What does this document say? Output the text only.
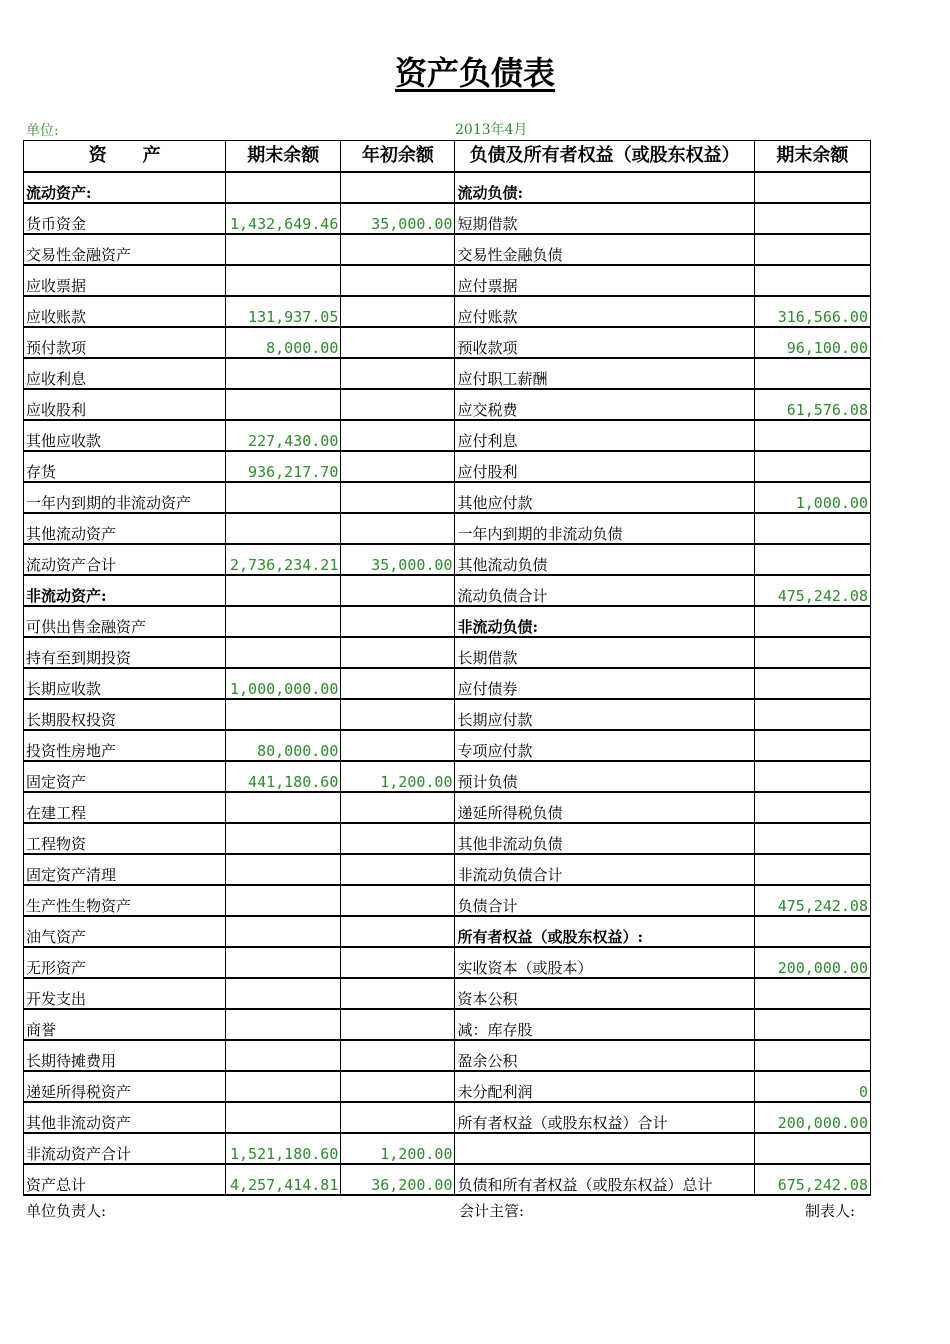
资产负债表
单位:	2013年4月
资　　产	期末余额	年初余额	负债及所有者权益（或股东权益）	期末余额
流动资产:			流动负债:	
货币资金	1,432,649.46	35,000.00	短期借款	
交易性金融资产			交易性金融负债	
应收票据			应付票据	
应收账款	131,937.05		应付账款	316,566.00
预付款项	8,000.00		预收款项	96,100.00
应收利息			应付职工薪酬	
应收股利			应交税费	61,576.08
其他应收款	227,430.00		应付利息	
存货	936,217.70		应付股利	
一年内到期的非流动资产			其他应付款	1,000.00
其他流动资产			一年内到期的非流动负债	
流动资产合计	2,736,234.21	35,000.00	其他流动负债	
非流动资产:			流动负债合计	475,242.08
可供出售金融资产			非流动负债:	
持有至到期投资			长期借款	
长期应收款	1,000,000.00		应付债券	
长期股权投资			长期应付款	
投资性房地产	80,000.00		专项应付款	
固定资产	441,180.60	1,200.00	预计负债	
在建工程			递延所得税负债	
工程物资			其他非流动负债	
固定资产清理			非流动负债合计	
生产性生物资产			负债合计	475,242.08
油气资产			所有者权益（或股东权益）:	
无形资产			实收资本（或股本）	200,000.00
开发支出			资本公积	
商誉			减：库存股	
长期待摊费用			盈余公积	
递延所得税资产			未分配利润	0
其他非流动资产			所有者权益（或股东权益）合计	200,000.00
非流动资产合计	1,521,180.60	1,200.00		
资产总计	4,257,414.81	36,200.00	负债和所有者权益（或股东权益）总计	675,242.08
单位负责人:	会计主管:	制表人:
